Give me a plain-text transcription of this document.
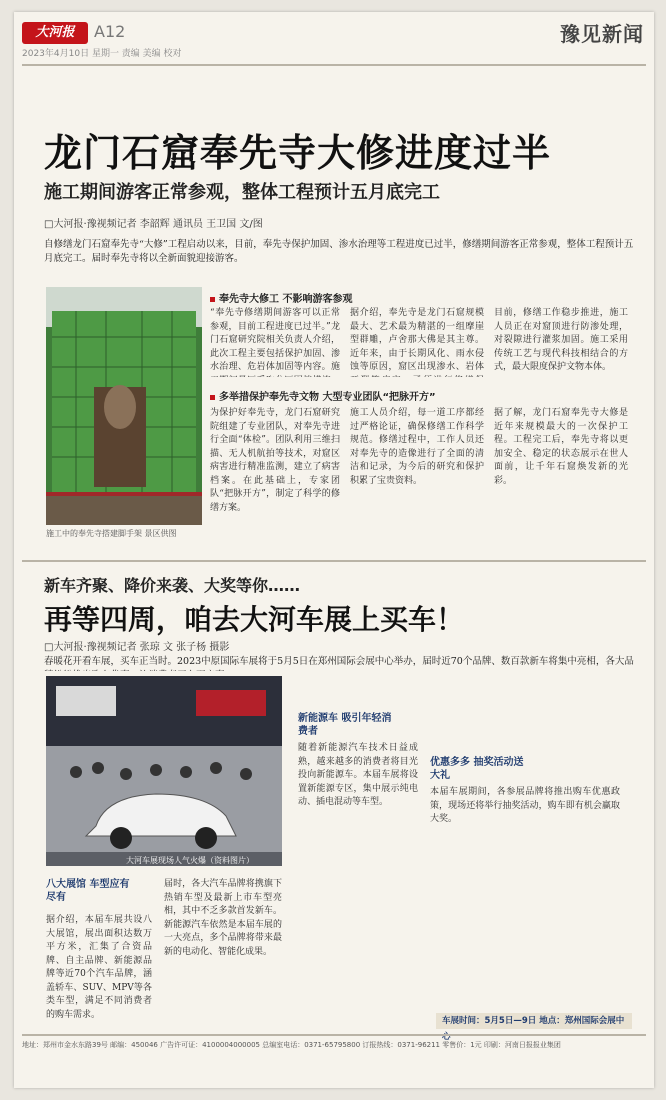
大河报	A12	豫见新闻
2023年4月10日 星期一 责编 美编 校对
龙门石窟奉先寺大修进度过半
施工期间游客正常参观，整体工程预计五月底完工
□大河报·豫视频记者 李韶辉 通讯员 王卫国 文/图
自修缮龙门石窟奉先寺“大修”工程启动以来，目前，奉先寺保护加固、渗水治理等工程进度已过半，修缮期间游客正常参观，整体工程预计五月底完工。届时奉先寺将以全新面貌迎接游客。
施工中的奉先寺搭建脚手架 景区供图
奉先寺大修工 不影响游客参观
“奉先寺修缮期间游客可以正常参观，目前工程进度已过半。”龙门石窟研究院相关负责人介绍，此次工程主要包括保护加固、渗水治理、危岩体加固等内容。施
据介绍，奉先寺是龙门石窟规模最大、艺术最为精湛的一组摩崖型群雕，卢舍那大佛是其主尊。近年来，由于长期风化、雨水侵蚀等原因，窟区出现渗水、岩体
目前，修缮工作稳步推进，施工人员正在对窟顶进行防渗处理，对裂隙进行灌浆加固。施工采用传统工艺与现代科技相结合的方式，最大限度保护文物本体。
多举措保护奉先寺文物 大型专业团队“把脉开方”
为保护好奉先寺，龙门石窟研究院组建了专业团队，对奉先寺进行全面“体检”。团队利用三维扫描、无人机航拍等技术，对窟区病害进行精准监测，建立了病害档案。在此基础上，专家团队“把脉开方”，制定了科学的修缮方案。
施工人员介绍，每一道工序都经过严格论证，确保修缮工作科学规范。修缮过程中，工作人员还对奉先寺的造像进行了全面的清洁和记录，为今后的研究和保护积累了宝贵资料。
据了解，龙门石窟奉先寺大修是近年来规模最大的一次保护工程。工程完工后，奉先寺将以更加安全、稳定的状态展示在世人面前，让千年石窟焕发新的光彩。
新车齐聚、降价来袭、大奖等你……
再等四周，咱去大河车展上买车！
□大河报·豫视频记者 张琼 文 张子杨 摄影
春暖花开看车展，买车正当时。2023中原国际车展将于5月5日在郑州国际会展中心举办，届时近70个品牌、数百款新车将集中亮相，各大品
大河车展现场人气火爆（资料图片）
八大展馆 车型应有尽有
据介绍，本届车展共设八大展馆，展出面积达数万平方米，汇集了合资品牌、自主品牌、新能源品牌等近70个汽车品牌，涵盖轿车、SUV、MPV等各类车型，满足不同消费者的购车需求。
届时，各大汽车品牌将携旗下热销车型及最新上市车型亮相，其中不乏多款首发新车。新能源汽车依然是本届车展的一大亮点，多个品牌将带来最新的电动化、智能化成果。
新能源车 吸引年轻消费者
随着新能源汽车技术日益成熟，越来越多的消费者将目光投向新能源车。本届车展将设置新能源专区，集中展示纯电动、插电混动等车型。
优惠多多 抽奖活动送大礼
本届车展期间，各参展品牌将推出购车优惠政策，现场还将举行抽奖活动，购车即有机会赢取大奖。
车展时间：5月5日—9日 地点：郑州国际会展中心
地址：郑州市金水东路39号 邮编：450046 广告许可证：4100004000005 总编室电话：0371-65795800 订报热线：0371-96211 零售价：1元 印刷：河南日报报业集团
